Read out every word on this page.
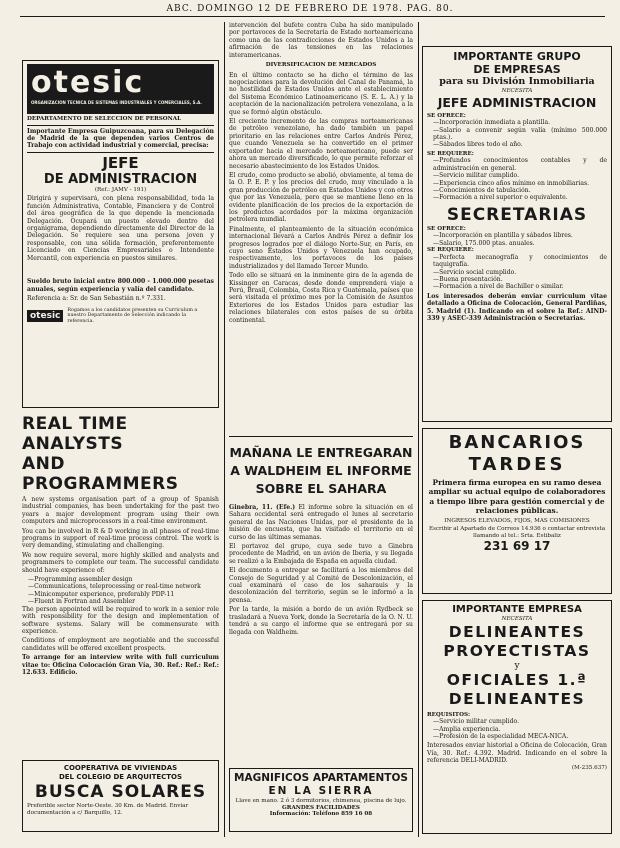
ABC. DOMINGO 12 DE FEBRERO DE 1978. PAG. 80.
otesic
ORGANIZACION TECNICA DE SISTEMAS INDUSTRIALES Y COMERCIALES, S.A.
DEPARTAMENTO DE SELECCION DE PERSONAL
Importante Empresa Guipuzcoana, para su Delegación de Madrid de la que dependen varios Centros de Trabajo con actividad industrial y comercial, precisa:
JEFE
DE ADMINISTRACION
(Ref.: JAMV - 191)
Dirigirá y supervisará, con plena responsabilidad, toda la función Administrativa, Contable, Financiera y de Control del área geográfica de la que depende la mencionada Delegación. Ocupará un puesto elevado dentro del organigrama, dependiendo directamente del Director de la Delegación. Se requiere sea una persona joven y responsable, con una sólida formación, preferentemente Licenciado en Ciencias Empresariales o Intendente Mercantil, con experiencia en puestos similares.
Sueldo bruto inicial entre 800.000 - 1.000.000 pesetas anuales, según experiencia y valía del candidato.
Referencia a: Sr. de San Sebastián n.º 7.331.
otesic
Rogamos a los candidatos presenten su Curriculum a nuestro Departamento de Selección indicando la referencia.
REAL TIME ANALYSTS
AND PROGRAMMERS

A new systems organisation part of a group of Spanish industrial companies, has been undertaking for the past two years a major development program using their own computers and microprocessors in a real-time environment.

You can be involved in R & D working in all phases of real-time programs in support of real-time process control. The work is very demanding, stimulating and challenging.

We now require several, more highly skilled and analysts and programmers to complete our team. The successful candidate should have experience of:

— Programming assembler design
— Communications, teleprocessing or real-time network
— Minicomputer experience, preferably PDP-11
— Fluent in Fortran and Assembler

The person appointed will be required to work in a senior role with responsibility for the design and implementation of software systems. Salary will be commensurate with experience.

Conditions of employment are negotiable and the successful candidates will be offered excellent prospects.

To arrange for an interview write with full curriculum vitae to: Oficina Colocación Gran Vía, 30. Ref.: Ref.: Ref.: 12.633. Edificio.

COOPERATIVA DE VIVIENDAS
DEL COLEGIO DE ARQUITECTOS
BUSCA SOLARES
Preferible sector Norte-Oeste. 30 Km. de Madrid. Enviar documentación a c/ Barquillo, 12.

intervención del bufete contra Cuba ha sido manipulado por portavoces de la Secretaría de Estado norteamericana como una de las contradicciones de Estados Unidos a la afirmación de las tensiones en las relaciones interamericanas.

DIVERSIFICACION DE MERCADOS

En el último contacto se ha dicho el término de las negociaciones para la devolución del Canal de Panamá, la no hostilidad de Estados Unidos ante el establecimiento del Sistema Económico Latinoamericano (S. E. L. A.) y la aceptación de la nacionalización petrolera venezolana, a la que se formó algún obstáculo.

El creciente incremento de las compras norteamericanas de petróleo venezolano, ha dado también un papel prioritario en las relaciones entre Carlos Andrés Pérez, que cuando Venezuela se ha convertido en el primer exportador hacia el mercado norteamericano, puede ser ahora un mercado diversificado, lo que permite reforzar el necesario abastecimiento de los Estados Unidos.

El crudo, como producto se abolió, obviamente, al tema de la O. P. E. P. y los precios del crudo, muy vinculado a la gran producción de petróleo en Estados Unidos y con otros que por las Venezuela, pero que se mantiene lleno en la evidente planificación de los precios de la exportación de los productos acordados por la máxima organización petrolera mundial.

Finalmente, el planteamiento de la situación económica internacional llevará a Carlos Andrés Pérez a definir los progresos logrados por el diálogo Norte-Sur, en París, en cuyo seno Estados Unidos y Venezuela han ocupado, respectivamente, los portavoces de los países industrializados y del llamado Tercer Mundo.

Todo ello se situará en la inminente gira de la agenda de Kissinger en Caracas, desde donde emprenderá viaje a Perú, Brasil, Colombia, Costa Rica y Guatemala, países que será visitada el próximo mes por la Comisión de Asuntos Exteriores de los Estados Unidos para estudiar las relaciones bilaterales con estos países de su órbita continental.

MAÑANA LE ENTREGARAN A WALDHEIM EL INFORME SOBRE EL SAHARA

Ginebra, 11. (Efe.) El informe sobre la situación en el Sahara occidental será entregado el lunes al secretario general de las Naciones Unidas, por el presidente de la misión de encuesta, que ha visitado el territorio en el curso de las últimas semanas.

El portavoz del grupo, cuya sede tuvo a Ginebra procedente de Madrid, en un avión de Iberia, y su llegada se realizó a la Embajada de España en aquella ciudad.

El documento a entregar se facilitará a los miembros del Consejo de Seguridad y al Comité de Descolonización, el cual examinará el caso de los saharauis y la descolonización del territorio, según se le informó a la prensa.

Por la tarde, la misión a bordo de un avión Rydbeck se trasladará a Nueva York, donde la Secretaría de la O. N. U. tendrá a su cargo el informe que se entregará por su llegada con Waldheim.

MAGNIFICOS APARTAMENTOS
EN LA SIERRA
Llave en mano. 2 ó 3 dormitorios, chimenea, piscina de lujo.
GRANDES FACILIDADES
Información: Teléfono 859 16 08
IMPORTANTE GRUPO
DE EMPRESAS
para su División Inmobiliaria
NECESITA
JEFE ADMINISTRACION
SE OFRECE:
— Incorporación inmediata a plantilla.
— Salario a convenir según valía (mínimo 500.000 ptas.).
— Sábados libres todo el año.
SE REQUIERE:
— Profundos conocimientos contables y de administración en general.
— Servicio militar cumplido.
— Experiencia cinco años mínimo en inmobiliarias.
— Conocimientos de tabulación.
— Formación a nivel superior o equivalente.
SECRETARIAS
SE OFRECE:
— Incorporación en plantilla y sábados libres.
— Salario, 175.000 ptas. anuales.
SE REQUIERE:
— Perfecta mecanografía y conocimientos de taquigrafía.
— Servicio social cumplido.
— Buena presentación.
— Formación a nivel de Bachiller o similar.
Los interesados deberán enviar curriculum vitae detallado a Oficina de Colocación, General Pardiñas, 5. Madrid (1). Indicando en el sobre la Ref.: AIND-339 y ASEC-339 Administración o Secretarias.
BANCARIOS
TARDES
Primera firma europea en su ramo desea ampliar su actual equipo de colaboradores a tiempo libre para gestión comercial y de relaciones públicas.
INGRESOS ELEVADOS, FIJOS, MAS COMISIONES
Escribir al Apartado de Correos 14.936 o contactar entrevista llamando al tel.: Srta. Estibaliz
231 69 17
IMPORTANTE EMPRESA
NECESITA
DELINEANTES
PROYECTISTAS
y
OFICIALES 1.ª
DELINEANTES
REQUISITOS:
— Servicio militar cumplido.
— Amplia experiencia.
— Profesión de la especialidad MECA-NICA.
Interesados enviar historial a Oficina de Colocación, Gran Vía, 30. Ref.: 4.392. Madrid. Indicando en el sobre la referencia DELI-MADRID.
(M-235.637)
